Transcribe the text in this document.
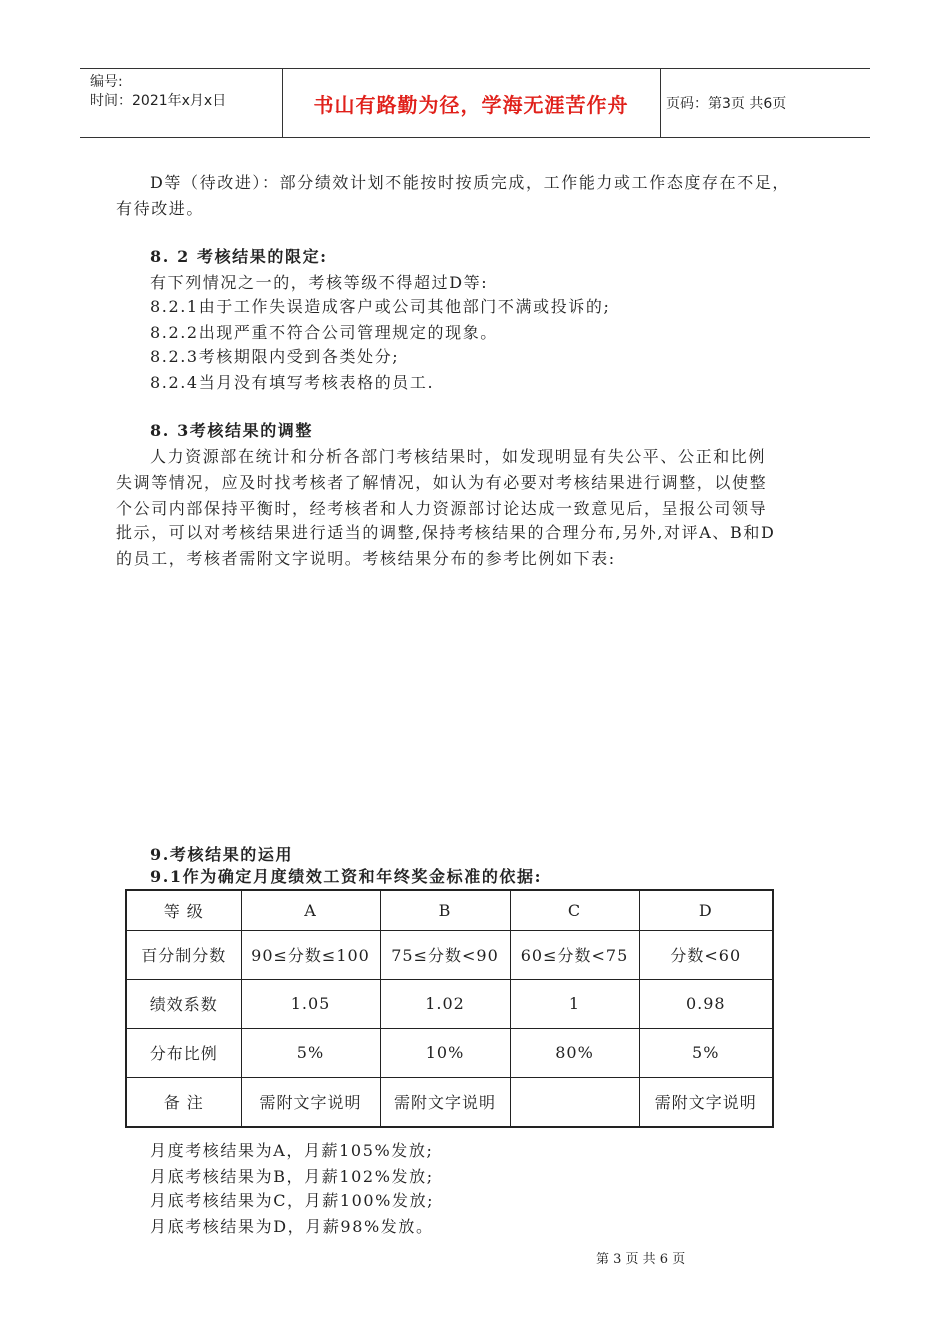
编号:
时间：2021年x月x日	书山有路勤为径，学海无涯苦作舟	页码：第3页 共6页
D等（待改进）：部分绩效计划不能按时按质完成，工作能力或工作态度存在不足，
有待改进。
8. 2 考核结果的限定:
有下列情况之一的，考核等级不得超过D等:
8.2.1由于工作失误造成客户或公司其他部门不满或投诉的;
8.2.2出现严重不符合公司管理规定的现象。
8.2.3考核期限内受到各类处分;
8.2.4当月没有填写考核表格的员工.
8. 3考核结果的调整
人力资源部在统计和分析各部门考核结果时，如发现明显有失公平、公正和比例
失调等情况，应及时找考核者了解情况，如认为有必要对考核结果进行调整，以使整
个公司内部保持平衡时，经考核者和人力资源部讨论达成一致意见后，呈报公司领导
批示，可以对考核结果进行适当的调整,保持考核结果的合理分布,另外,对评A、B和D
的员工，考核者需附文字说明。考核结果分布的参考比例如下表:
9.考核结果的运用
9.1作为确定月度绩效工资和年终奖金标准的依据:
等 级	A	B	C	D
百分制分数	90≤分数≤100	75≤分数<90	60≤分数<75	分数<60
绩效系数	1.05	1.02	1	0.98
分布比例	5%	10%	80%	5%
备 注	需附文字说明	需附文字说明		需附文字说明
月度考核结果为A，月薪105%发放;
月底考核结果为B，月薪102%发放;
月底考核结果为C，月薪100%发放;
月底考核结果为D，月薪98%发放。
第 3 页 共 6 页
